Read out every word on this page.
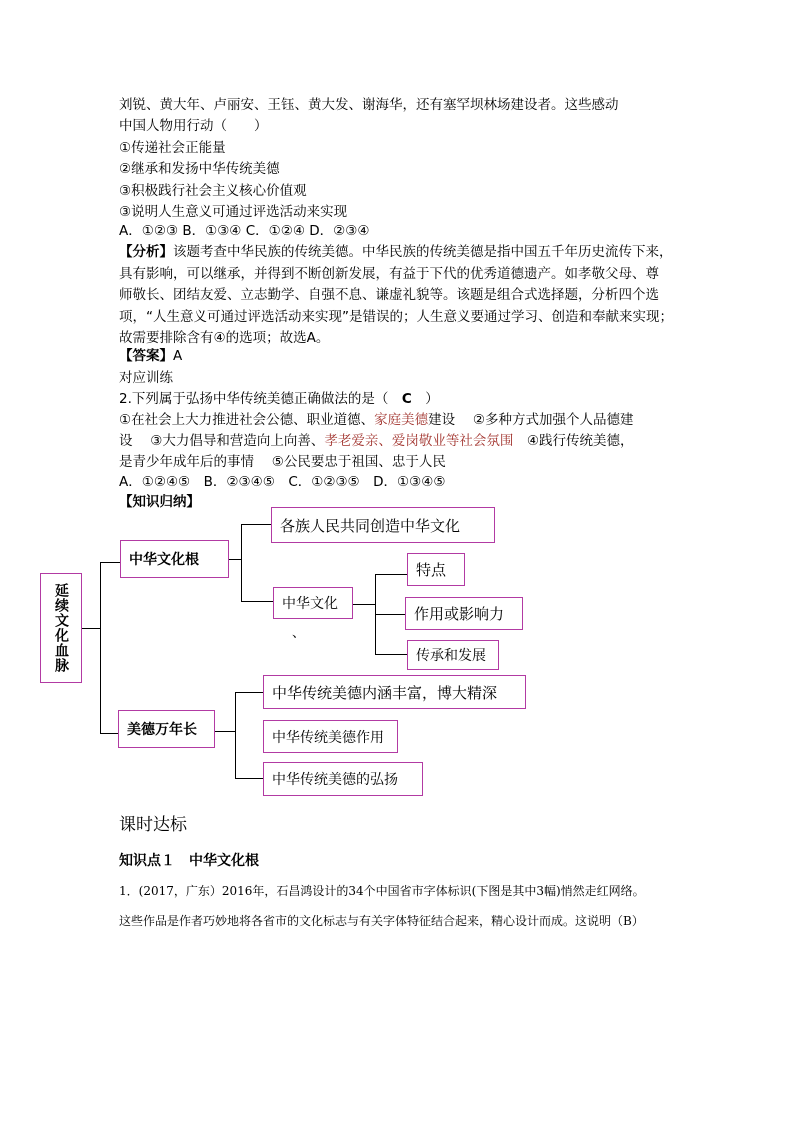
刘锐、黄大年、卢丽安、王钰、黄大发、谢海华，还有塞罕坝林场建设者。这些感动
中国人物用行动（　　）
①传递社会正能量
②继承和发扬中华传统美德
③积极践行社会主义核心价值观
③说明人生意义可通过评选活动来实现
A．①②③ B．①③④ C．①②④ D．②③④
【分析】该题考查中华民族的传统美德。中华民族的传统美德是指中国五千年历史流传下来，
具有影响，可以继承，并得到不断创新发展，有益于下代的优秀道德遗产。如孝敬父母、尊
师敬长、团结友爱、立志勤学、自强不息、谦虚礼貌等。该题是组合式选择题，分析四个选
项，“人生意义可通过评选活动来实现”是错误的；人生意义要通过学习、创造和奉献来实现；
故需要排除含有④的选项；故选A。
【答案】A
对应训练
2.下列属于弘扬中华传统美德正确做法的是（　C　）
①在社会上大力推进社会公德、职业道德、家庭美德建设　 ②多种方式加强个人品德建
设　 ③大力倡导和营造向上向善、孝老爱亲、爱岗敬业等社会氛围　④践行传统美德，
是青少年成年后的事情　 ⑤公民要忠于祖国、忠于人民
A．①②④⑤　B．②③④⑤　C．①②③⑤　D．①③④⑤
【知识归纳】
延续文化血脉
中华文化根
各族人民共同创造中华文化
中华文化
、
特点
作用或影响力
传承和发展
美德万年长
中华传统美德内涵丰富，博大精深
中华传统美德作用
中华传统美德的弘扬
课时达标
知识点１　中华文化根
1．(2017，广东）2016年，石昌鸿设计的34个中国省市字体标识(下图是其中3幅)悄然走红网络。
这些作品是作者巧妙地将各省市的文化标志与有关字体特征结合起来，精心设计而成。这说明（B）
